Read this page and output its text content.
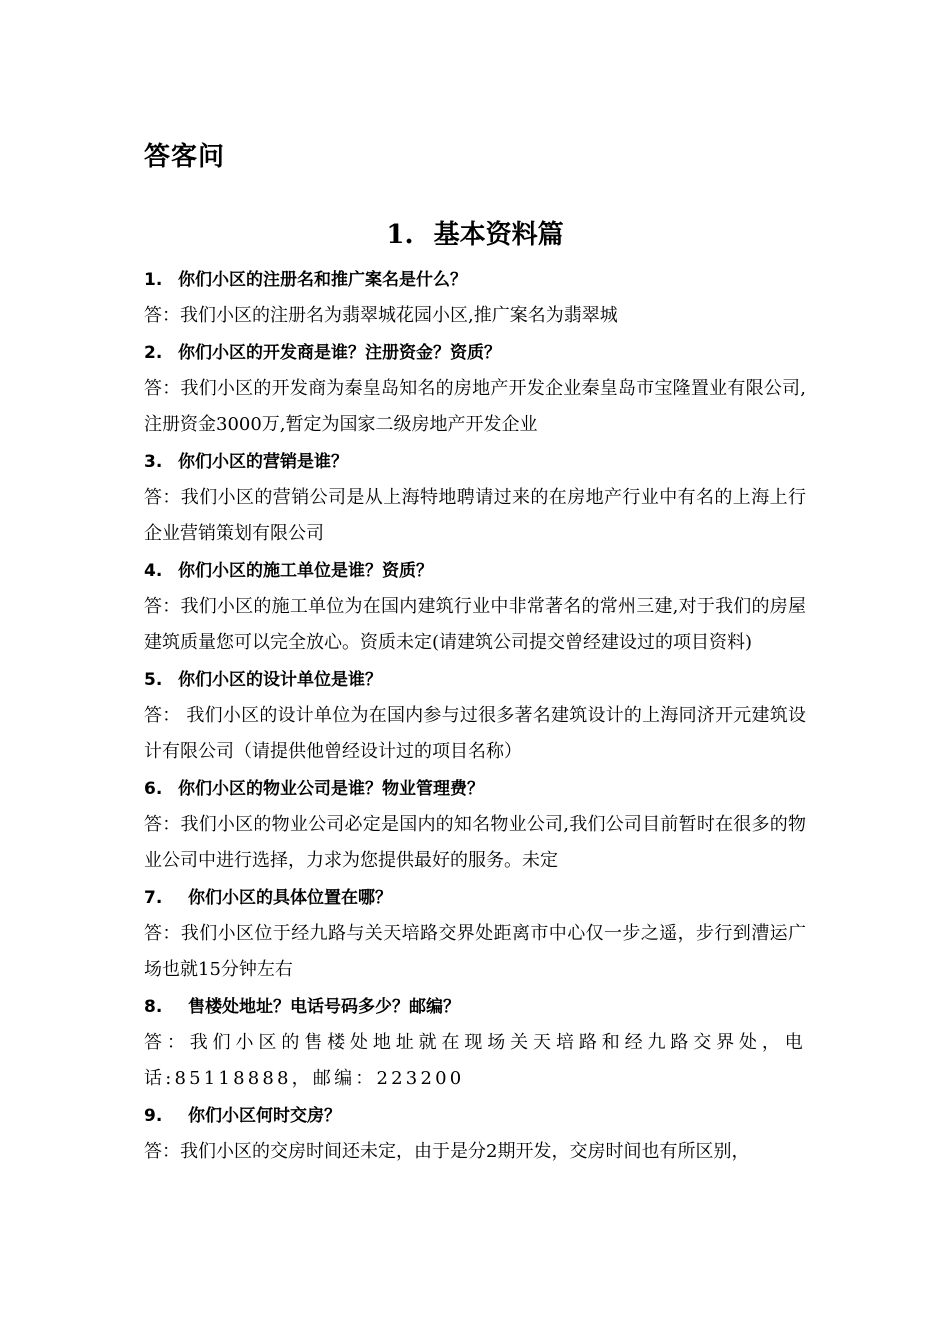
答客问
1. 基本资料篇
1. 你们小区的注册名和推广案名是什么？
答：我们小区的注册名为翡翠城花园小区,推广案名为翡翠城
2. 你们小区的开发商是谁？注册资金？资质？
答：我们小区的开发商为秦皇岛知名的房地产开发企业秦皇岛市宝隆置业有限公司,注册资金3000万,暂定为国家二级房地产开发企业
3. 你们小区的营销是谁？
答：我们小区的营销公司是从上海特地聘请过来的在房地产行业中有名的上海上行企业营销策划有限公司
4. 你们小区的施工单位是谁？资质？
答：我们小区的施工单位为在国内建筑行业中非常著名的常州三建,对于我们的房屋建筑质量您可以完全放心。资质未定(请建筑公司提交曾经建设过的项目资料)
5. 你们小区的设计单位是谁？
答： 我们小区的设计单位为在国内参与过很多著名建筑设计的上海同济开元建筑设计有限公司（请提供他曾经设计过的项目名称）
6. 你们小区的物业公司是谁？物业管理费？
答：我们小区的物业公司必定是国内的知名物业公司,我们公司目前暂时在很多的物业公司中进行选择，力求为您提供最好的服务。未定
7. 你们小区的具体位置在哪？
答：我们小区位于经九路与关天培路交界处距离市中心仅一步之遥，步行到漕运广场也就15分钟左右
8. 售楼处地址？电话号码多少？邮编？
答：我们小区的售楼处地址就在现场关天培路和经九路交界处，电话:85118888，邮编：223200
9. 你们小区何时交房？
答：我们小区的交房时间还未定，由于是分2期开发，交房时间也有所区别，
